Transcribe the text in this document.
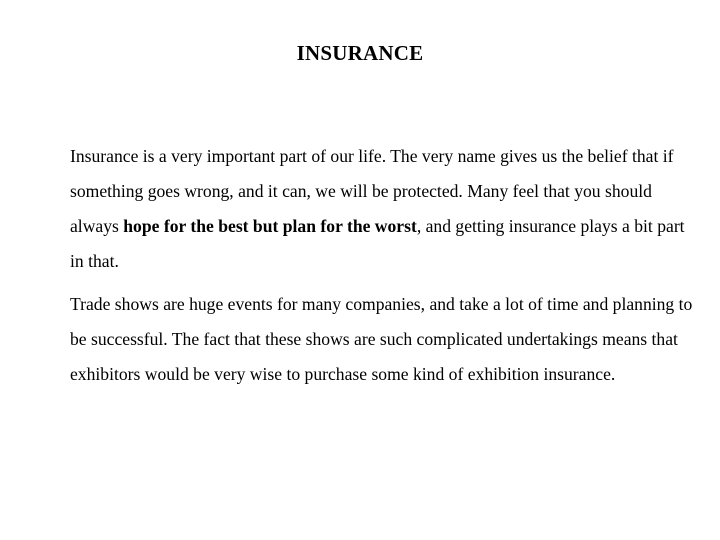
INSURANCE

Insurance is a very important part of our life. The very name gives us the belief that if something goes wrong, and it can, we will be protected. Many feel that you should always hope for the best but plan for the worst, and getting insurance plays a bit part in that.

Trade shows are huge events for many companies, and take a lot of time and planning to be successful. The fact that these shows are such complicated undertakings means that exhibitors would be very wise to purchase some kind of exhibition insurance.
